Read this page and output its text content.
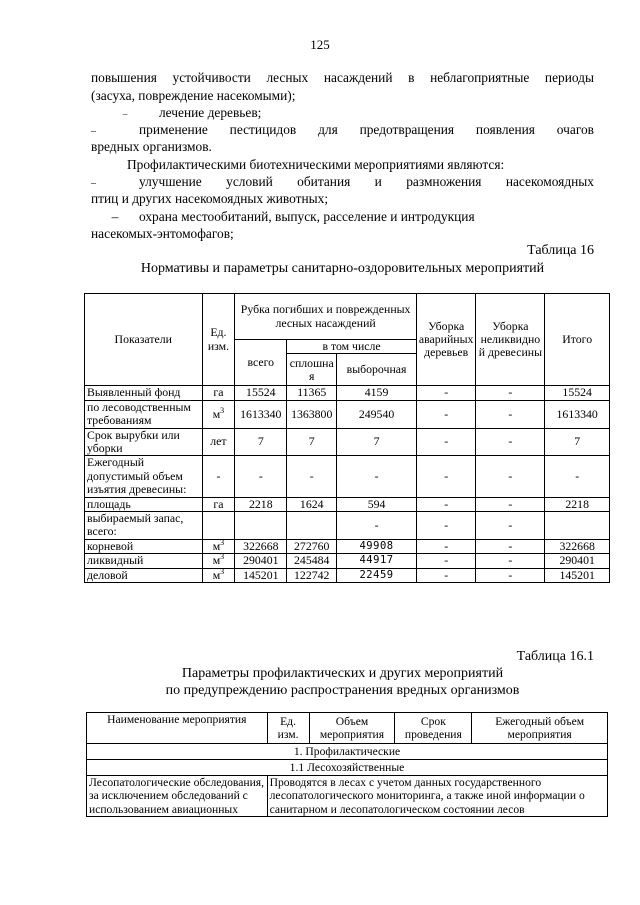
125

повышения устойчивости лесных насаждений в неблагоприятные периоды

(засуха, повреждение насекомыми);

– лечение деревьев;

–	применение пестицидов для предотвращения появления очагов

вредных организмов.

Профилактическими биотехническими мероприятиями являются:

–	улучшение условий обитания и размножения насекомоядных

птиц и других насекомоядных животных;

– охрана местообитаний, выпуск, расселение и интродукция

насекомых-энтомофагов;

Таблица 16

Нормативы и параметры санитарно-оздоровительных мероприятий

Показатели	Ед. изм.	Рубка погибших и поврежденных лесных насаждений			Уборка аварийных деревьев	Уборка неликвидно й древесины	Итого
		всего	в том числе				
			сплошна я	выборочная			
Выявленный фонд	га	15524	11365	4159	-	-	15524
по лесоводственным требованиям	$м^3$	1613340	1363800	249540	-	-	1613340
Срок вырубки или уборки	лет	7	7	7	-	-	7
Ежегодный допустимый объем изъятия древесины:	-	-	-	-	-	-	-
площадь	га	2218	1624	594	-	-	2218
выбираемый запас, всего:				-	-	-	
корневой	$м^3$	322668	272760	49908	-	-	322668
ликвидный	$м^3$	290401	245484	44917	-	-	290401
деловой	$м^3$	145201	122742	22459	-	-	145201

Таблица 16.1

Параметры профилактических и других мероприятий

по предупреждению распространения вредных организмов

Наименование мероприятия	Ед. изм.	Объем мероприятия	Срок проведения	Ежегодный объем мероприятия
1. Профилактические				
1.1 Лесохозяйственные				
Лесопатологические обследования, за исключением обследований с использованием авиационных	Проводятся в лесах с учетом данных государственного лесопатологического мониторинга, а также иной информации о санитарном и лесопатологическом состоянии лесов			
